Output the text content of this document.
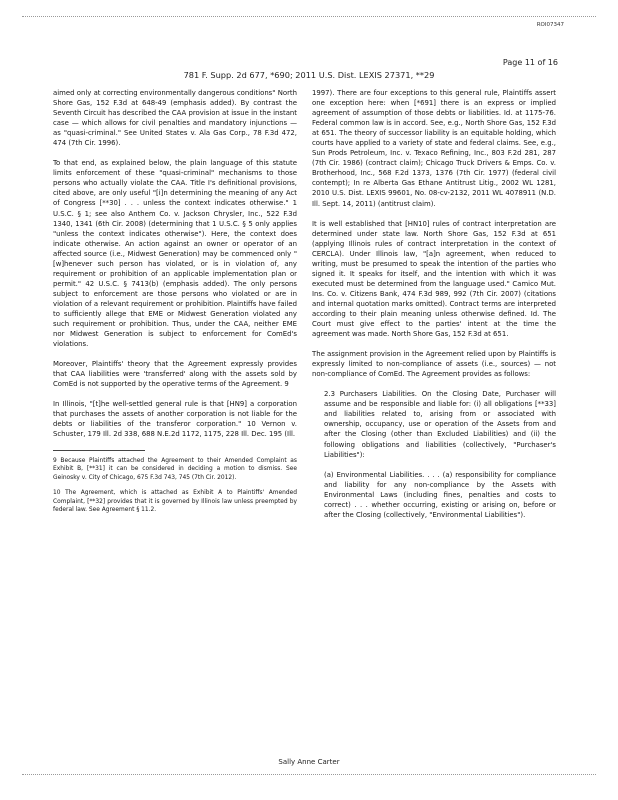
ROI07347
Page 11 of 16
781 F. Supp. 2d 677, *690; 2011 U.S. Dist. LEXIS 27371, **29

aimed only at correcting environmentally dangerous conditions" North Shore Gas, 152 F.3d at 648-49 (emphasis added). By contrast the Seventh Circuit has described the CAA provision at issue in the instant case — which allows for civil penalties and mandatory injunctions — as "quasi-criminal." See United States v. Ala Gas Corp., 78 F.3d 472, 474 (7th Cir. 1996).

To that end, as explained below, the plain language of this statute limits enforcement of these "quasi-criminal" mechanisms to those persons who actually violate the CAA. Title I's definitional provisions, cited above, are only useful "[i]n determining the meaning of any Act of Congress [**30] . . . unless the context indicates otherwise." 1 U.S.C. § 1; see also Anthem Co. v. Jackson Chrysler, Inc., 522 F.3d 1340, 1341 (6th Cir. 2008) (determining that 1 U.S.C. § 5 only applies "unless the context indicates otherwise"). Here, the context does indicate otherwise. An action against an owner or operator of an affected source (i.e., Midwest Generation) may be commenced only "[w]henever such person has violated, or is in violation of, any requirement or prohibition of an applicable implementation plan or permit." 42 U.S.C. § 7413(b) (emphasis added). The only persons subject to enforcement are those persons who violated or are in violation of a relevant requirement or prohibition. Plaintiffs have failed to sufficiently allege that EME or Midwest Generation violated any such requirement or prohibition. Thus, under the CAA, neither EME nor Midwest Generation is subject to enforcement for ComEd's violations.

Moreover, Plaintiffs' theory that the Agreement expressly provides that CAA liabilities were 'transferred' along with the assets sold by ComEd is not supported by the operative terms of the Agreement. 9

In Illinois, "[t]he well-settled general rule is that [HN9] a corporation that purchases the assets of another corporation is not liable for the debts or liabilities of the transferor corporation." 10 Vernon v. Schuster, 179 Ill. 2d 338, 688 N.E.2d 1172, 1175, 228 Ill. Dec. 195 (Ill.

9 Because Plaintiffs attached the Agreement to their Amended Complaint as Exhibit B, [**31] it can be considered in deciding a motion to dismiss. See Geinosky v. City of Chicago, 675 F.3d 743, 745 (7th Cir. 2012).

10 The Agreement, which is attached as Exhibit A to Plaintiffs' Amended Complaint, [**32] provides that it is governed by Illinois law unless preempted by federal law. See Agreement § 11.2.

1997). There are four exceptions to this general rule, Plaintiffs assert one exception here: when [*691] there is an express or implied agreement of assumption of those debts or liabilities. Id. at 1175-76. Federal common law is in accord. See, e.g., North Shore Gas, 152 F.3d at 651. The theory of successor liability is an equitable holding, which courts have applied to a variety of state and federal claims. See, e.g., Sun Prods Petroleum, Inc. v. Texaco Refining, Inc., 803 F.2d 281, 287 (7th Cir. 1986) (contract claim); Chicago Truck Drivers & Emps. Co. v. Brotherhood, Inc., 568 F.2d 1373, 1376 (7th Cir. 1977) (federal civil contempt); In re Alberta Gas Ethane Antitrust Litig., 2002 WL 1281, 2010 U.S. Dist. LEXIS 99601, No. 08-cv-2132, 2011 WL 4078911 (N.D. Ill. Sept. 14, 2011) (antitrust claim).

It is well established that [HN10] rules of contract interpretation are determined under state law. North Shore Gas, 152 F.3d at 651 (applying Illinois rules of contract interpretation in the context of CERCLA). Under Illinois law, "[a]n agreement, when reduced to writing, must be presumed to speak the intention of the parties who signed it. It speaks for itself, and the intention with which it was executed must be determined from the language used." Camico Mut. Ins. Co. v. Citizens Bank, 474 F.3d 989, 992 (7th Cir. 2007) (citations and internal quotation marks omitted). Contract terms are interpreted according to their plain meaning unless otherwise defined. Id. The Court must give effect to the parties' intent at the time the agreement was made. North Shore Gas, 152 F.3d at 651.

The assignment provision in the Agreement relied upon by Plaintiffs is expressly limited to non-compliance of assets (i.e., sources) — not non-compliance of ComEd. The Agreement provides as follows:

2.3 Purchasers Liabilities. On the Closing Date, Purchaser will assume and be responsible and liable for: (i) all obligations [**33] and liabilities related to, arising from or associated with ownership, occupancy, use or operation of the Assets from and after the Closing (other than Excluded Liabilities) and (ii) the following obligations and liabilities (collectively, "Purchaser's Liabilities"):

(a) Environmental Liabilities. . . . (a) responsibility for compliance and liability for any non-compliance by the Assets with Environmental Laws (including fines, penalties and costs to correct) . . . whether occurring, existing or arising on, before or after the Closing (collectively, "Environmental Liabilities").

Sally Anne Carter
